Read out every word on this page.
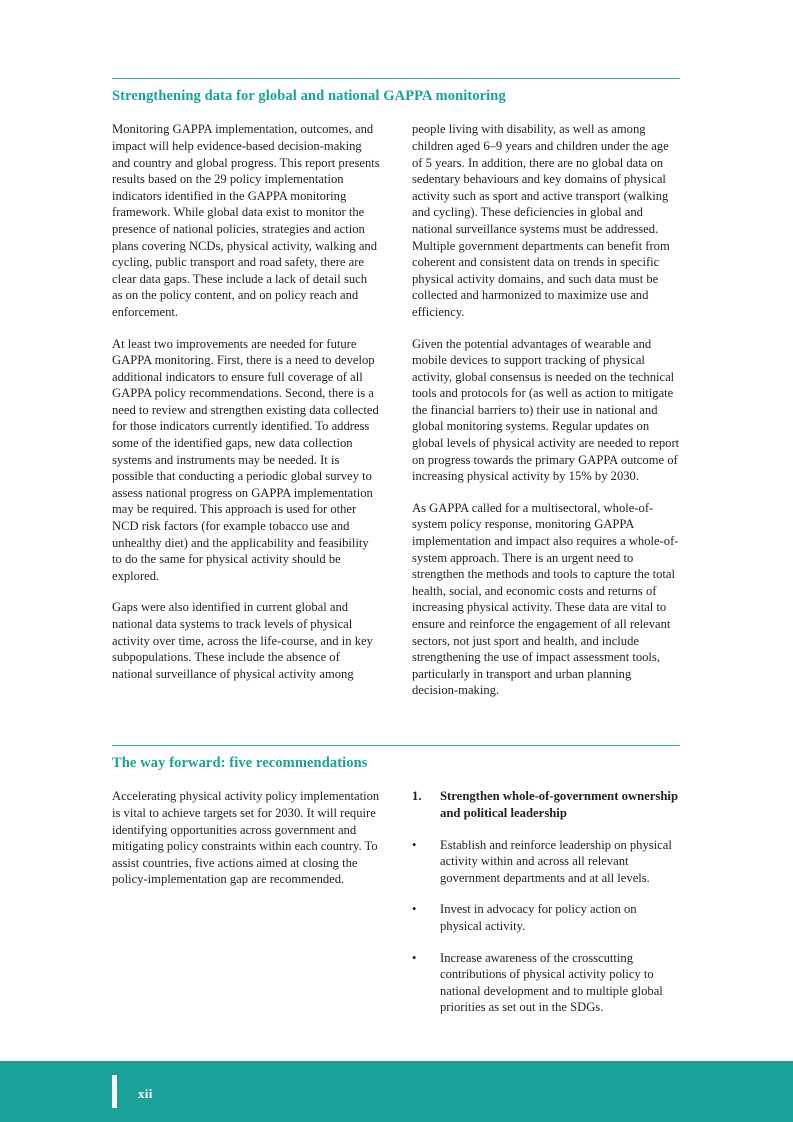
Strengthening data for global and national GAPPA monitoring

Monitoring GAPPA implementation, outcomes, and impact will help evidence-based decision-making and country and global progress. This report presents results based on the 29 policy implementation indicators identified in the GAPPA monitoring framework. While global data exist to monitor the presence of national policies, strategies and action plans covering NCDs, physical activity, walking and cycling, public transport and road safety, there are clear data gaps. These include a lack of detail such as on the policy content, and on policy reach and enforcement.

At least two improvements are needed for future GAPPA monitoring. First, there is a need to develop additional indicators to ensure full coverage of all GAPPA policy recommendations. Second, there is a need to review and strengthen existing data collected for those indicators currently identified. To address some of the identified gaps, new data collection systems and instruments may be needed. It is possible that conducting a periodic global survey to assess national progress on GAPPA implementation may be required. This approach is used for other NCD risk factors (for example tobacco use and unhealthy diet) and the applicability and feasibility to do the same for physical activity should be explored.

Gaps were also identified in current global and national data systems to track levels of physical activity over time, across the life-course, and in key subpopulations. These include the absence of national surveillance of physical activity among

people living with disability, as well as among children aged 6–9 years and children under the age of 5 years. In addition, there are no global data on sedentary behaviours and key domains of physical activity such as sport and active transport (walking and cycling). These deficiencies in global and national surveillance systems must be addressed. Multiple government departments can benefit from coherent and consistent data on trends in specific physical activity domains, and such data must be collected and harmonized to maximize use and efficiency.

Given the potential advantages of wearable and mobile devices to support tracking of physical activity, global consensus is needed on the technical tools and protocols for (as well as action to mitigate the financial barriers to) their use in national and global monitoring systems. Regular updates on global levels of physical activity are needed to report on progress towards the primary GAPPA outcome of increasing physical activity by 15% by 2030.

As GAPPA called for a multisectoral, whole-of-system policy response, monitoring GAPPA implementation and impact also requires a whole-of-system approach. There is an urgent need to strengthen the methods and tools to capture the total health, social, and economic costs and returns of increasing physical activity. These data are vital to ensure and reinforce the engagement of all relevant sectors, not just sport and health, and include strengthening the use of impact assessment tools, particularly in transport and urban planning decision-making.

The way forward: five recommendations

Accelerating physical activity policy implementation is vital to achieve targets set for 2030. It will require identifying opportunities across government and mitigating policy constraints within each country. To assist countries, five actions aimed at closing the policy-implementation gap are recommended.

1.	Strengthen whole-of-government ownership and political leadership
•	Establish and reinforce leadership on physical activity within and across all relevant government departments and at all levels.
•	Invest in advocacy for policy action on physical activity.
•	Increase awareness of the crosscutting contributions of physical activity policy to national development and to multiple global priorities as set out in the SDGs.
xii
